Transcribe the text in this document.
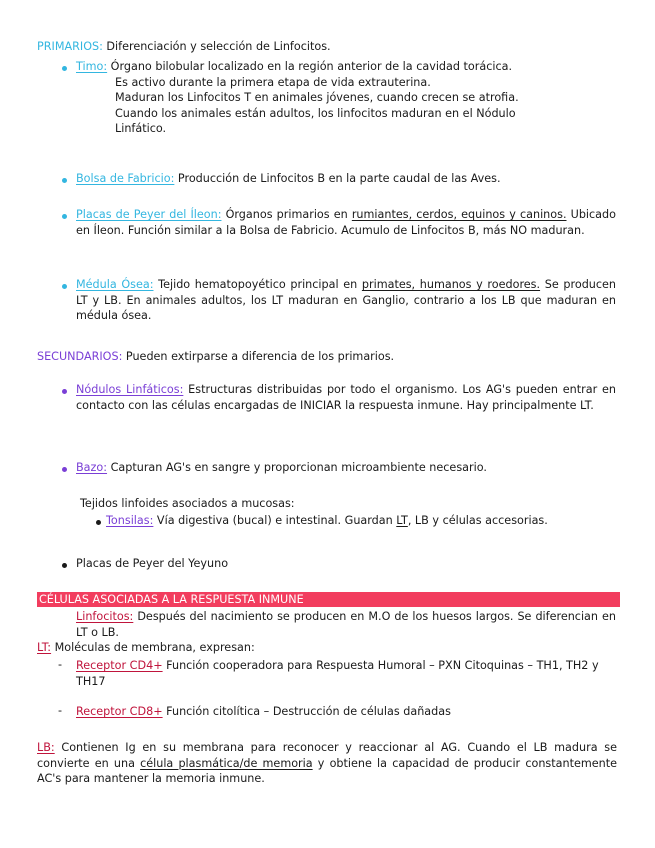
PRIMARIOS: Diferenciación y selección de Linfocitos.
Timo: Órgano bilobular localizado en la región anterior de la cavidad torácica.
Es activo durante la primera etapa de vida extrauterina.
Maduran los Linfocitos T en animales jóvenes, cuando crecen se atrofia.
Cuando los animales están adultos, los linfocitos maduran en el Nódulo
Linfático.
Bolsa de Fabricio: Producción de Linfocitos B en la parte caudal de las Aves.
Placas de Peyer del Íleon: Órganos primarios en rumiantes, cerdos, equinos y caninos. Ubicado en Íleon. Función similar a la Bolsa de Fabricio. Acumulo de Linfocitos B, más NO maduran.
Médula Ósea: Tejido hematopoyético principal en primates, humanos y roedores. Se producen LT y LB. En animales adultos, los LT maduran en Ganglio, contrario a los LB que maduran en médula ósea.
SECUNDARIOS: Pueden extirparse a diferencia de los primarios.
Nódulos Linfáticos: Estructuras distribuidas por todo el organismo. Los AG's pueden entrar en contacto con las células encargadas de INICIAR la respuesta inmune. Hay principalmente LT.
Bazo: Capturan AG's en sangre y proporcionan microambiente necesario.
Tejidos linfoides asociados a mucosas:
Tonsilas: Vía digestiva (bucal) e intestinal. Guardan LT, LB y células accesorias.
Placas de Peyer del Yeyuno
CÉLULAS ASOCIADAS A LA RESPUESTA INMUNE
Linfocitos: Después del nacimiento se producen en M.O de los huesos largos. Se diferencian en LT o LB.
LT: Moléculas de membrana, expresan:
- Receptor CD4+ Función cooperadora para Respuesta Humoral – PXN Citoquinas – TH1, TH2 y TH17
- Receptor CD8+ Función citolítica – Destrucción de células dañadas
LB: Contienen Ig en su membrana para reconocer y reaccionar al AG. Cuando el LB madura se convierte en una célula plasmática/de memoria y obtiene la capacidad de producir constantemente AC's para mantener la memoria inmune.
